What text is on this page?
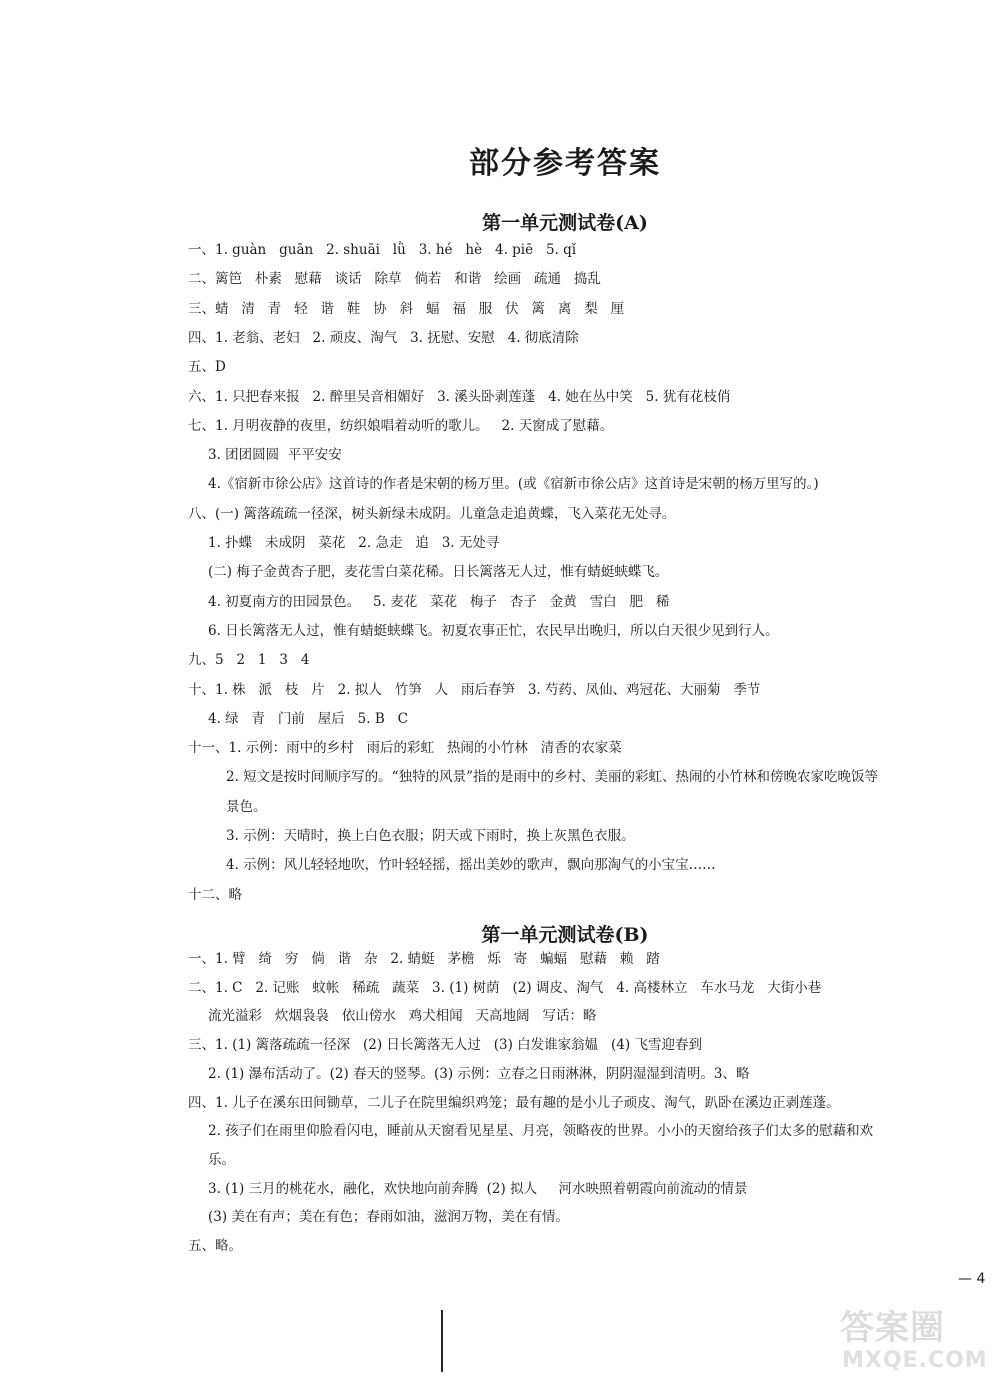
部分参考答案
第一单元测试卷(A)
一、1. guàn   guān   2. shuāi   lǜ   3. hé   hè   4. piē   5. qǐ
二、篱笆   朴素   慰藉   谈话   除草   倘若   和谐   绘画   疏通   捣乱
三、蜻   清   青   轻   谐   鞋   协   斜   蝠   福   服   伏   篱   离   梨   厘
四、1. 老翁、老妇   2. 顽皮、淘气   3. 抚慰、安慰   4. 彻底清除
五、D
六、1. 只把春来报   2. 醉里吴音相媚好   3. 溪头卧剥莲蓬   4. 她在丛中笑   5. 犹有花枝俏
七、1. 月明夜静的夜里，纺织娘唱着动听的歌儿。   2. 天窗成了慰藉。
3. 团团圆圆  平平安安
4.《宿新市徐公店》这首诗的作者是宋朝的杨万里。(或《宿新市徐公店》这首诗是宋朝的杨万里写的。)
八、(一) 篱落疏疏一径深，树头新绿未成阴。儿童急走追黄蝶，飞入菜花无处寻。
1. 扑蝶   未成阴   菜花   2. 急走   追   3. 无处寻
(二) 梅子金黄杏子肥，麦花雪白菜花稀。日长篱落无人过，惟有蜻蜓蛱蝶飞。
4. 初夏南方的田园景色。   5. 麦花   菜花   梅子   杏子   金黄   雪白   肥   稀
6. 日长篱落无人过，惟有蜻蜓蛱蝶飞。初夏农事正忙，农民早出晚归，所以白天很少见到行人。
九、5   2   1   3   4
十、1. 株   派   枝   片   2. 拟人   竹笋   人   雨后春笋   3. 芍药、凤仙、鸡冠花、大丽菊   季节
4. 绿   青   门前   屋后   5. B   C
十一、1. 示例：雨中的乡村   雨后的彩虹   热闹的小竹林   清香的农家菜
2. 短文是按时间顺序写的。“独特的风景”指的是雨中的乡村、美丽的彩虹、热闹的小竹林和傍晚农家吃晚饭等
景色。
3. 示例：天晴时，换上白色衣服；阴天或下雨时，换上灰黑色衣服。
4. 示例：风儿轻轻地吹，竹叶轻轻摇，摇出美妙的歌声，飘向那淘气的小宝宝……
十二、略
第一单元测试卷(B)
一、1. 臂   绮   穷   倘   谐   杂   2. 蜻蜓   茅檐   烁   寄   蝙蝠   慰藉   赖   踏
二、1. C   2. 记账   蚊帐   稀疏   蔬菜   3. (1) 树荫   (2) 调皮、淘气   4. 高楼林立   车水马龙   大街小巷
流光溢彩   炊烟袅袅   依山傍水   鸡犬相闻   天高地阔   写话：略
三、1. (1) 篱落疏疏一径深   (2) 日长篱落无人过   (3) 白发谁家翁媪   (4) 飞雪迎春到
2. (1) 瀑布活动了。(2) 春天的竖琴。(3) 示例：立春之日雨淋淋，阴阴湿湿到清明。3、略
四、1. 儿子在溪东田间锄草，二儿子在院里编织鸡笼；最有趣的是小儿子顽皮、淘气，趴卧在溪边正剥莲蓬。
2. 孩子们在雨里仰脸看闪电，睡前从天窗看见星星、月亮，领略夜的世界。小小的天窗给孩子们太多的慰藉和欢
乐。
3. (1) 三月的桃花水，融化，欢快地向前奔腾  (2) 拟人     河水映照着朝霞向前流动的情景
(3) 美在有声；美在有色；春雨如油，滋润万物，美在有情。
五、略。
— 4
答案圈
MXQE.COM
